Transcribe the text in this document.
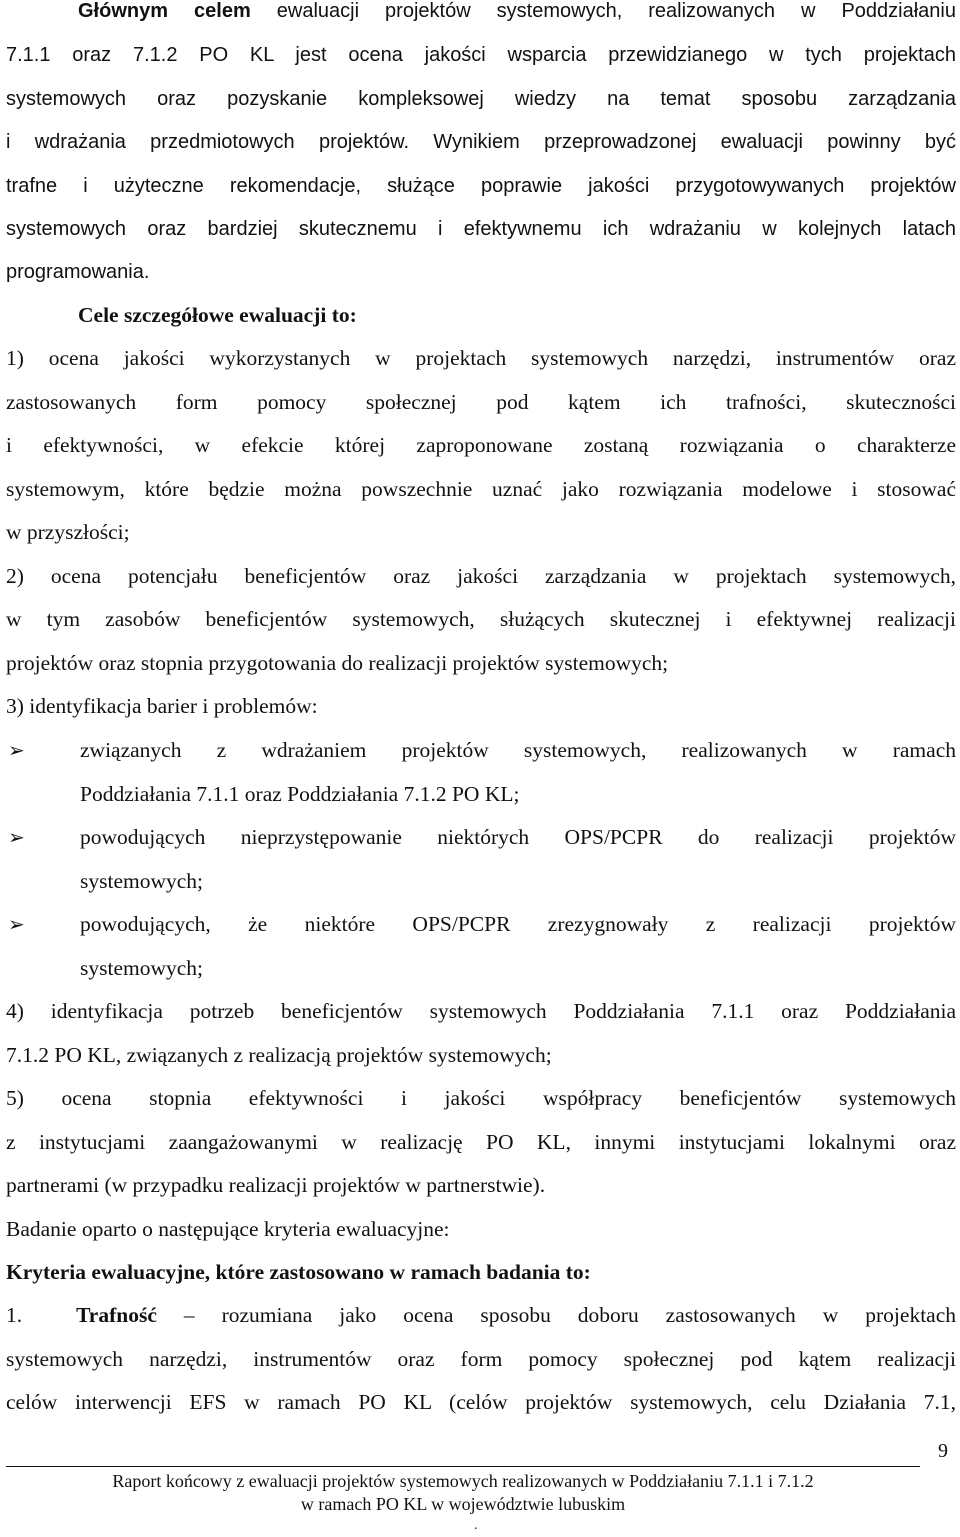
Głównym celem ewaluacji projektów systemowych, realizowanych w Poddziałaniu

7.1.1 oraz 7.1.2 PO KL jest ocena jakości wsparcia przewidzianego w tych projektach

systemowych oraz pozyskanie kompleksowej wiedzy na temat sposobu zarządzania

i wdrażania przedmiotowych projektów. Wynikiem przeprowadzonej ewaluacji powinny być

trafne i użyteczne rekomendacje, służące poprawie jakości przygotowywanych projektów

systemowych oraz bardziej skutecznemu i efektywnemu ich wdrażaniu w kolejnych latach

programowania.

Cele szczegółowe ewaluacji to:

1) ocena jakości wykorzystanych w projektach systemowych narzędzi, instrumentów oraz

zastosowanych form pomocy społecznej pod kątem ich trafności, skuteczności

i efektywności, w efekcie której zaproponowane zostaną rozwiązania o charakterze

systemowym, które będzie można powszechnie uznać jako rozwiązania modelowe i stosować

w przyszłości;

2) ocena potencjału beneficjentów oraz jakości zarządzania w projektach systemowych,

w tym zasobów beneficjentów systemowych, służących skutecznej i efektywnej realizacji

projektów oraz stopnia przygotowania do realizacji projektów systemowych;

3) identyfikacja barier i problemów:

➢	związanych z wdrażaniem projektów systemowych, realizowanych w ramach

Poddziałania 7.1.1 oraz Poddziałania 7.1.2 PO KL;

➢	powodujących nieprzystępowanie niektórych OPS/PCPR do realizacji projektów

systemowych;

➢	powodujących, że niektóre OPS/PCPR zrezygnowały z realizacji projektów

systemowych;

4) identyfikacja potrzeb beneficjentów systemowych Poddziałania 7.1.1 oraz Poddziałania

7.1.2 PO KL, związanych z realizacją projektów systemowych;

5) ocena stopnia efektywności i jakości współpracy beneficjentów systemowych

z instytucjami zaangażowanymi w realizację PO KL, innymi instytucjami lokalnymi oraz

partnerami (w przypadku realizacji projektów w partnerstwie).

Badanie oparto o następujące kryteria ewaluacyjne:

Kryteria ewaluacyjne, które zastosowano w ramach badania to:

1.	Trafność – rozumiana jako ocena sposobu doboru zastosowanych w projektach

systemowych narzędzi, instrumentów oraz form pomocy społecznej pod kątem realizacji

celów interwencji EFS w ramach PO KL (celów projektów systemowych, celu Działania 7.1,

9
Raport końcowy z ewaluacji projektów systemowych realizowanych w Poddziałaniu 7.1.1 i 7.1.2
w ramach PO KL w województwie lubuskim
.
